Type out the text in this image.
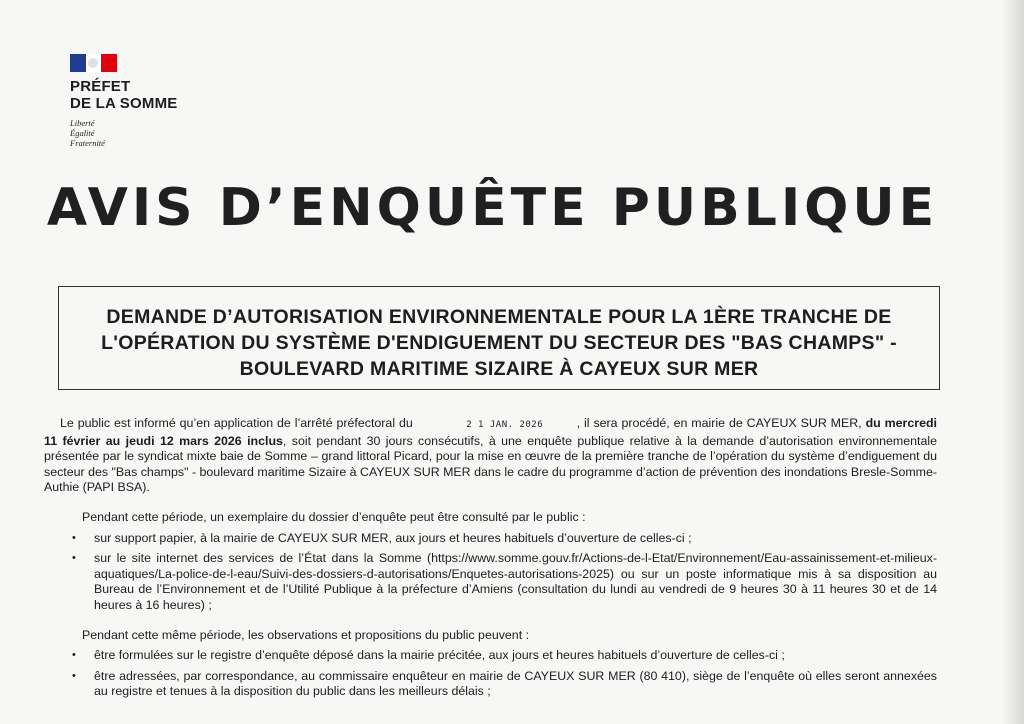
PRÉFET
DE LA SOMME
Liberté
Égalité
Fraternité
AVIS D’ENQUÊTE PUBLIQUE
DEMANDE D’AUTORISATION ENVIRONNEMENTALE POUR LA 1ÈRE TRANCHE DE
L'OPÉRATION DU SYSTÈME D'ENDIGUEMENT DU SECTEUR DES "BAS CHAMPS" -
BOULEVARD MARITIME SIZAIRE À CAYEUX SUR MER
Le public est informé qu’en application de l’arrêté préfectoral du	2 1 JAN. 2026	, il sera procédé, en mairie de CAYEUX SUR MER, du mercredi 11 février au jeudi 12 mars 2026 inclus, soit pendant 30 jours consécutifs, à une enquête publique relative à la demande d’autorisation environnementale présentée par le syndicat mixte baie de Somme – grand littoral Picard, pour la mise en œuvre de la première tranche de l’opération du système d’endiguement du secteur des "Bas champs" - boulevard maritime Sizaire à CAYEUX SUR MER dans le cadre du programme d’action de prévention des inondations Bresle-Somme-Authie (PAPI BSA).
Pendant cette période, un exemplaire du dossier d’enquête peut être consulté par le public :
• sur support papier, à la mairie de CAYEUX SUR MER, aux jours et heures habituels d’ouverture de celles-ci ;
• sur le site internet des services de l’État dans la Somme (https://www.somme.gouv.fr/Actions-de-l-Etat/Environnement/Eau-assainissement-et-milieux-aquatiques/La-police-de-l-eau/Suivi-des-dossiers-d-autorisations/Enquetes-autorisations-2025) ou sur un poste informatique mis à sa disposition au Bureau de l’Environnement et de l’Utilité Publique à la préfecture d’Amiens (consultation du lundi au vendredi de 9 heures 30 à 11 heures 30 et de 14 heures à 16 heures) ;
Pendant cette même période, les observations et propositions du public peuvent :
• être formulées sur le registre d’enquête déposé dans la mairie précitée, aux jours et heures habituels d’ouverture de celles-ci ;
• être adressées, par correspondance, au commissaire enquêteur en mairie de CAYEUX SUR MER (80 410), siège de l’enquête où elles seront annexées au registre et tenues à la disposition du public dans les meilleurs délais ;
